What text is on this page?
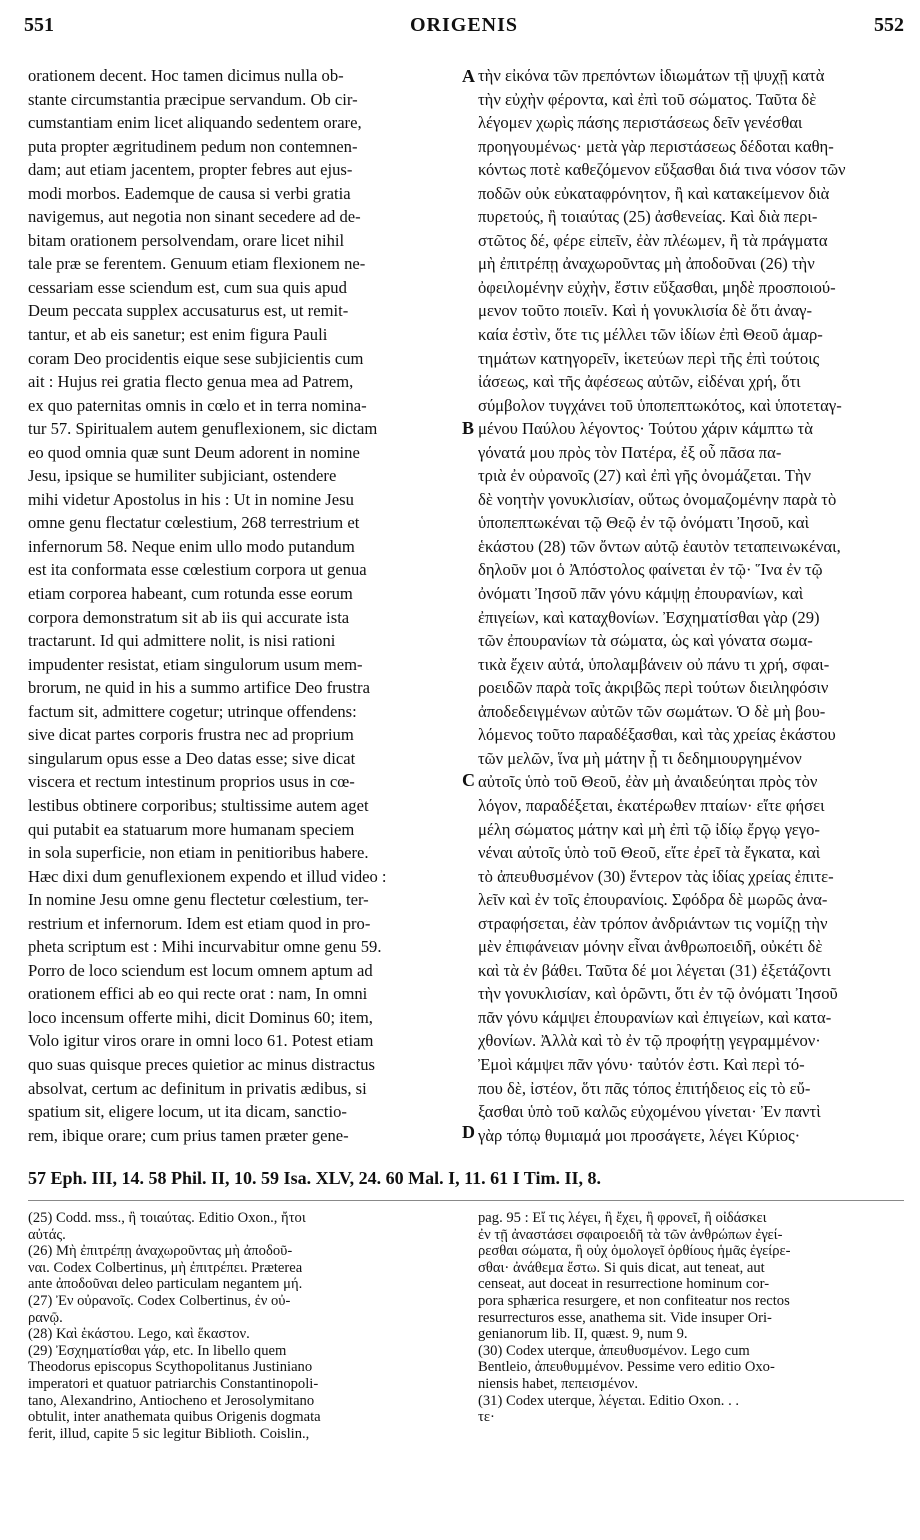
551	ORIGENIS	552
A
B
C
D
orationem decent. Hoc tamen dicimus nulla ob-
stante circumstantia præcipue servandum. Ob cir-
cumstantiam enim licet aliquando sedentem orare,
puta propter ægritudinem pedum non contemnen-
dam; aut etiam jacentem, propter febres aut ejus-
modi morbos. Eademque de causa si verbi gratia
navigemus, aut negotia non sinant secedere ad de-
bitam orationem persolvendam, orare licet nihil
tale præ se ferentem. Genuum etiam flexionem ne-
cessariam esse sciendum est, cum sua quis apud
Deum peccata supplex accusaturus est, ut remit-
tantur, et ab eis sanetur; est enim figura Pauli
coram Deo procidentis eique sese subjicientis cum
ait : Hujus rei gratia flecto genua mea ad Patrem,
ex quo paternitas omnis in cœlo et in terra nomina-
tur 57. Spiritualem autem genuflexionem, sic dictam
eo quod omnia quæ sunt Deum adorent in nomine
Jesu, ipsique se humiliter subjiciant, ostendere
mihi videtur Apostolus in his : Ut in nomine Jesu
omne genu flectatur cœlestium, 268 terrestrium et
infernorum 58. Neque enim ullo modo putandum
est ita conformata esse cœlestium corpora ut genua
etiam corporea habeant, cum rotunda esse eorum
corpora demonstratum sit ab iis qui accurate ista
tractarunt. Id qui admittere nolit, is nisi rationi
impudenter resistat, etiam singulorum usum mem-
brorum, ne quid in his a summo artifice Deo frustra
factum sit, admittere cogetur; utrinque offendens:
sive dicat partes corporis frustra nec ad proprium
singularum opus esse a Deo datas esse; sive dicat
viscera et rectum intestinum proprios usus in cœ-
lestibus obtinere corporibus; stultissime autem aget
qui putabit ea statuarum more humanam speciem
in sola superficie, non etiam in penitioribus habere.
Hæc dixi dum genuflexionem expendo et illud video :
In nomine Jesu omne genu flectetur cœlestium, ter-
restrium et infernorum. Idem est etiam quod in pro-
pheta scriptum est : Mihi incurvabitur omne genu 59.
Porro de loco sciendum est locum omnem aptum ad
orationem effici ab eo qui recte orat : nam, In omni
loco incensum offerte mihi, dicit Dominus 60; item,
Volo igitur viros orare in omni loco 61. Potest etiam
quo suas quisque preces quietior ac minus distractus
absolvat, certum ac definitum in privatis ædibus, si
spatium sit, eligere locum, ut ita dicam, sanctio-
rem, ibique orare; cum prius tamen præter gene-
τὴν εἰκόνα τῶν πρεπόντων ἰδιωμάτων τῇ ψυχῇ κατὰ
τὴν εὐχὴν φέροντα, καὶ ἐπὶ τοῦ σώματος. Ταῦτα δὲ
λέγομεν χωρὶς πάσης περιστάσεως δεῖν γενέσθαι
προηγουμένως· μετὰ γὰρ περιστάσεως δέδοται καθη-
κόντως ποτὲ καθεζόμενον εὔξασθαι διά τινα νόσον τῶν
ποδῶν οὐκ εὐκαταφρόνητον, ἢ καὶ κατακείμενον διὰ
πυρετούς, ἢ τοιαύτας (25) ἀσθενείας. Καὶ διὰ περι-
στῶτος δέ, φέρε εἰπεῖν, ἐὰν πλέωμεν, ἢ τὰ πράγματα
μὴ ἐπιτρέπῃ ἀναχωροῦντας μὴ ἀποδοῦναι (26) τὴν
ὀφειλομένην εὐχὴν, ἔστιν εὔξασθαι, μηδὲ προσποιού-
μενον τοῦτο ποιεῖν. Καὶ ἡ γονυκλισία δὲ ὅτι ἀναγ-
καία ἐστὶν, ὅτε τις μέλλει τῶν ἰδίων ἐπὶ Θεοῦ ἁμαρ-
τημάτων κατηγορεῖν, ἱκετεύων περὶ τῆς ἐπὶ τούτοις
ἰάσεως, καὶ τῆς ἀφέσεως αὐτῶν, εἰδέναι χρή, ὅτι
σύμβολον τυγχάνει τοῦ ὑποπεπτωκότος, καὶ ὑποτεταγ-
μένου Παύλου λέγοντος· Τούτου χάριν κάμπτω τὰ
γόνατά μου πρὸς τὸν Πατέρα, ἐξ οὗ πᾶσα πα-
τριὰ ἐν οὐρανοῖς (27) καὶ ἐπὶ γῆς ὀνομάζεται. Τὴν
δὲ νοητὴν γονυκλισίαν, οὕτως ὀνομαζομένην παρὰ τὸ
ὑποπεπτωκέναι τῷ Θεῷ ἐν τῷ ὀνόματι Ἰησοῦ, καὶ
ἑκάστου (28) τῶν ὄντων αὐτῷ ἑαυτὸν τεταπεινωκέναι,
δηλοῦν μοι ὁ Ἀπόστολος φαίνεται ἐν τῷ· Ἵνα ἐν τῷ
ὀνόματι Ἰησοῦ πᾶν γόνυ κάμψῃ ἐπουρανίων, καὶ
ἐπιγείων, καὶ καταχθονίων. Ἐσχηματίσθαι γὰρ (29)
τῶν ἐπουρανίων τὰ σώματα, ὡς καὶ γόνατα σωμα-
τικὰ ἔχειν αὐτά, ὑπολαμβάνειν οὐ πάνυ τι χρή, σφαι-
ροειδῶν παρὰ τοῖς ἀκριβῶς περὶ τούτων διειληφόσιν
ἀποδεδειγμένων αὐτῶν τῶν σωμάτων. Ὁ δὲ μὴ βου-
λόμενος τοῦτο παραδέξασθαι, καὶ τὰς χρείας ἑκάστου
τῶν μελῶν, ἵνα μὴ μάτην ᾖ τι δεδημιουργημένον
αὐτοῖς ὑπὸ τοῦ Θεοῦ, ἐὰν μὴ ἀναιδεύηται πρὸς τὸν
λόγον, παραδέξεται, ἑκατέρωθεν πταίων· εἴτε φήσει
μέλη σώματος μάτην καὶ μὴ ἐπὶ τῷ ἰδίῳ ἔργῳ γεγο-
νέναι αὐτοῖς ὑπὸ τοῦ Θεοῦ, εἴτε ἐρεῖ τὰ ἔγκατα, καὶ
τὸ ἀπευθυσμένον (30) ἔντερον τὰς ἰδίας χρείας ἐπιτε-
λεῖν καὶ ἐν τοῖς ἐπουρανίοις. Σφόδρα δὲ μωρῶς ἀνα-
στραφήσεται, ἐὰν τρόπον ἀνδριάντων τις νομίζῃ τὴν
μὲν ἐπιφάνειαν μόνην εἶναι ἀνθρωποειδῆ, οὐκέτι δὲ
καὶ τὰ ἐν βάθει. Ταῦτα δέ μοι λέγεται (31) ἐξετάζοντι
τὴν γονυκλισίαν, καὶ ὁρῶντι, ὅτι ἐν τῷ ὀνόματι Ἰησοῦ
πᾶν γόνυ κάμψει ἐπουρανίων καὶ ἐπιγείων, καὶ κατα-
χθονίων. Ἀλλὰ καὶ τὸ ἐν τῷ προφήτῃ γεγραμμένον·
Ἐμοὶ κάμψει πᾶν γόνυ· ταὐτόν ἐστι. Καὶ περὶ τό-
που δὲ, ἰστέον, ὅτι πᾶς τόπος ἐπιτήδειος εἰς τὸ εὔ-
ξασθαι ὑπὸ τοῦ καλῶς εὐχομένου γίνεται· Ἐν παντὶ
γὰρ τόπῳ θυμιαμά μοι προσάγετε, λέγει Κύριος·
57 Eph. III, 14. 58 Phil. II, 10. 59 Isa. XLV, 24. 60 Mal. I, 11. 61 I Tim. II, 8.
(25) Codd. mss., ἢ τοιαύτας. Editio Oxon., ἤτοι
αὐτάς.
(26) Μὴ ἐπιτρέπῃ ἀναχωροῦντας μὴ ἀποδοῦ-
ναι. Codex Colbertinus, μὴ ἐπιτρέπει. Præterea
ante ἀποδοῦναι deleo particulam negantem μή.
(27) Ἐν οὐρανοῖς. Codex Colbertinus, ἐν οὐ-
ρανῷ.
(28) Καὶ ἑκάστου. Lego, καὶ ἕκαστον.
(29) Ἐσχηματίσθαι γάρ, etc. In libello quem
Theodorus episcopus Scythopolitanus Justiniano
imperatori et quatuor patriarchis Constantinopoli-
tano, Alexandrino, Antiocheno et Jerosolymitano
obtulit, inter anathemata quibus Origenis dogmata
ferit, illud, capite 5 sic legitur Biblioth. Coislin.,
pag. 95 : Εἴ τις λέγει, ἢ ἔχει, ἢ φρονεῖ, ἢ οἰδάσκει
ἐν τῇ ἀναστάσει σφαιροειδῆ τὰ τῶν ἀνθρώπων ἐγεί-
ρεσθαι σώματα, ἢ οὐχ ὁμολογεῖ ὀρθίους ἡμᾶς ἐγείρε-
σθαι· ἀνάθεμα ἔστω. Si quis dicat, aut teneat, aut
censeat, aut doceat in resurrectione hominum cor-
pora sphærica resurgere, et non confiteatur nos rectos
resurrecturos esse, anathema sit. Vide insuper Ori-
genianorum lib. II, quæst. 9, num 9.
(30) Codex uterque, ἀπευθυσμένον. Lego cum
Bentleio, ἀπευθυμμένον. Pessime vero editio Oxo-
niensis habet, πεπεισμένον.
(31) Codex uterque, λέγεται. Editio Oxon. . .
τε·
